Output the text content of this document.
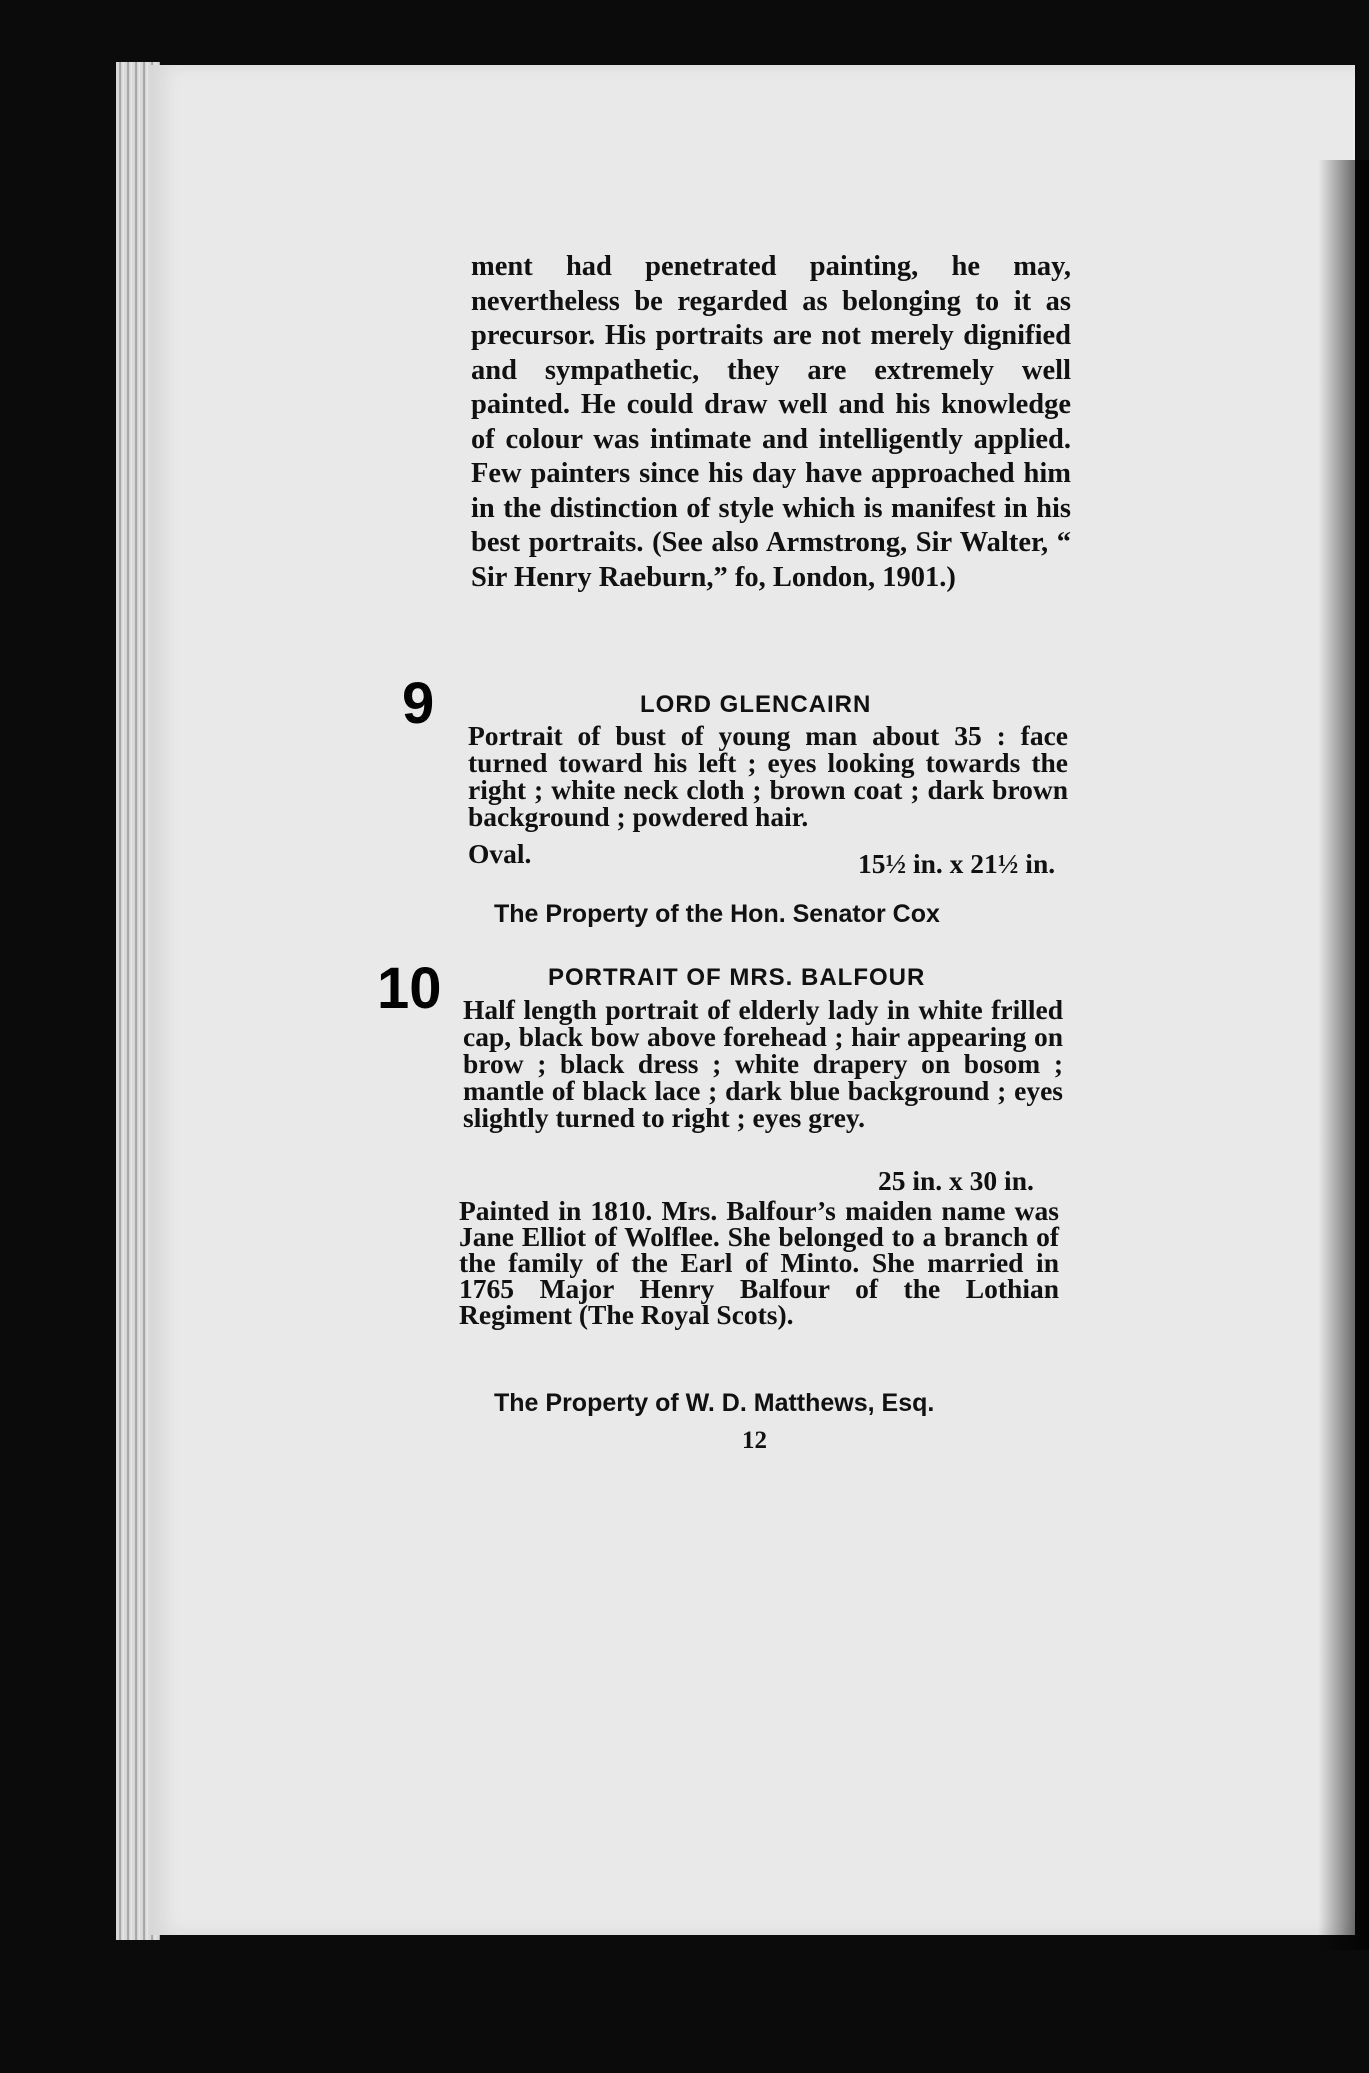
ment had penetrated painting, he may, nevertheless be regarded as belonging to it as precursor. His portraits are not merely dignified and sympathetic, they are extremely well painted. He could draw well and his knowledge of colour was intimate and intelligently applied. Few painters since his day have approached him in the distinction of style which is manifest in his best portraits. (See also Armstrong, Sir Walter, “ Sir Henry Raeburn,” fo, London, 1901.)
9	LORD GLENCAIRN
Portrait of bust of young man about 35 : face turned toward his left ; eyes looking towards the right ; white neck cloth ; brown coat ; dark brown background ; powdered hair.
Oval.	15½ in. x 21½ in.
The Property of the Hon. Senator Cox
10	PORTRAIT OF MRS. BALFOUR
Half length portrait of elderly lady in white frilled cap, black bow above forehead ; hair appearing on brow ; black dress ; white drapery on bosom ; mantle of black lace ; dark blue background ; eyes slightly turned to right ; eyes grey.
25 in. x 30 in.
Painted in 1810. Mrs. Balfour’s maiden name was Jane Elliot of Wolflee. She belonged to a branch of the family of the Earl of Minto. She married in 1765 Major Henry Balfour of the Lothian Regiment (The Royal Scots).
The Property of W. D. Matthews, Esq.
12
